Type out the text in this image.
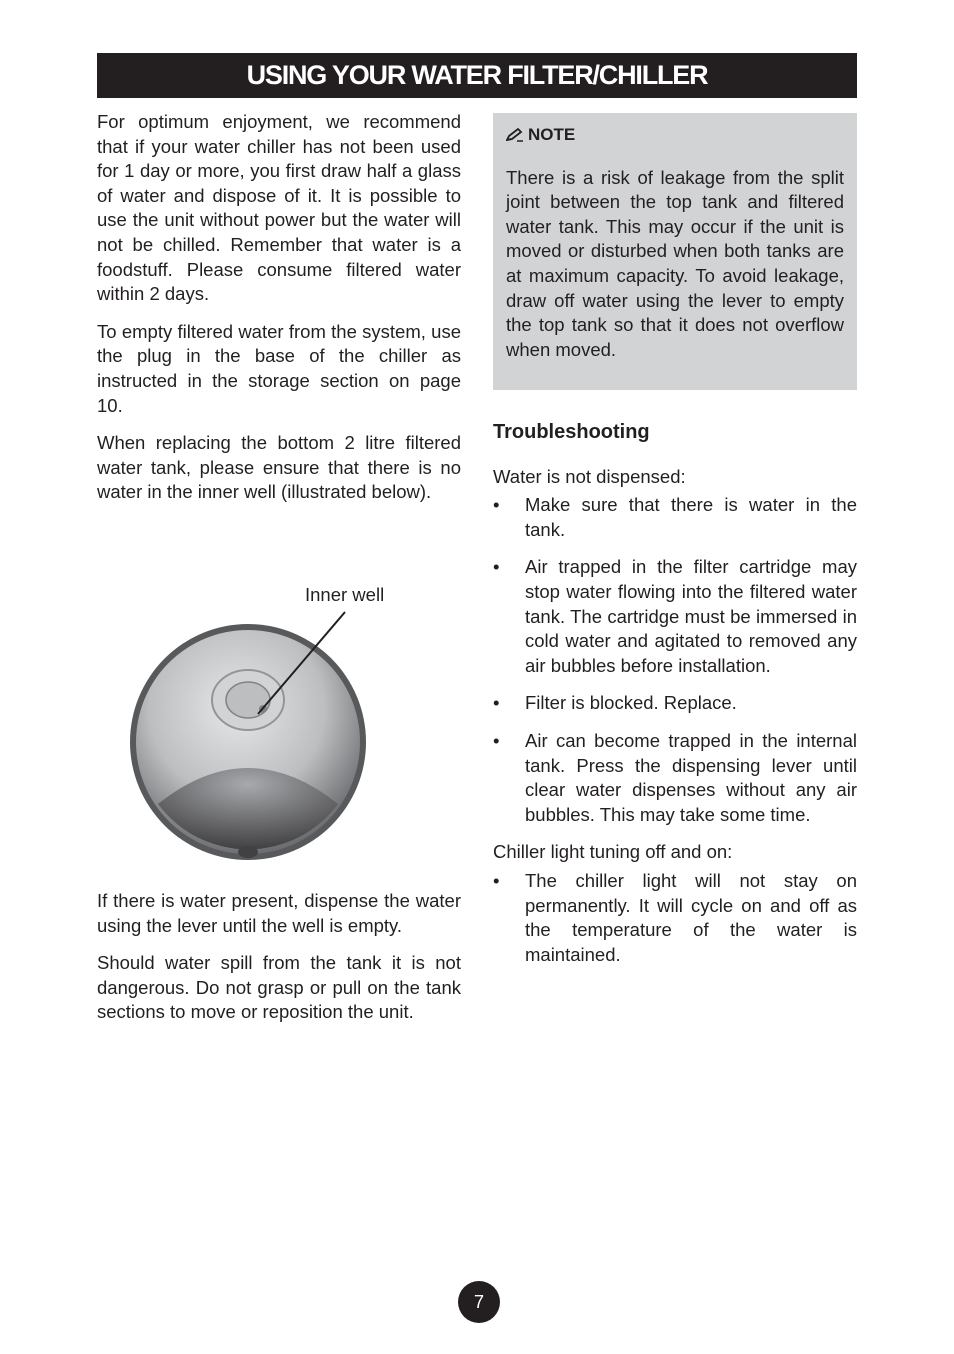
USING YOUR WATER FILTER/CHILLER

For optimum enjoyment, we recommend that if your water chiller has not been used for 1 day or more, you first draw half a glass of water and dispose of it. It is possible to use the unit without power but the water will not be chilled. Remember that water is a foodstuff. Please consume filtered water within 2 days.

To empty filtered water from the system, use the plug in the base of the chiller as instructed in the storage section on page 10.

When replacing the bottom 2 litre filtered water tank, please ensure that there is no water in the inner well (illustrated below).

Inner well

If there is water present, dispense the water using the lever until the well is empty.

Should water spill from the tank it is not dangerous. Do not grasp or pull on the tank sections to move or reposition the unit.

NOTE

There is a risk of leakage from the split joint between the top tank and filtered water tank. This may occur if the unit is moved or disturbed when both tanks are at maximum capacity. To avoid leakage, draw off water using the lever to empty the top tank so that it does not overflow when moved.

Troubleshooting

Water is not dispensed:

• Make sure that there is water in the tank.
• Air trapped in the filter cartridge may stop water flowing into the filtered water tank. The cartridge must be immersed in cold water and agitated to removed any air bubbles before installation.
• Filter is blocked. Replace.
• Air can become trapped in the internal tank. Press the dispensing lever until clear water dispenses without any air bubbles. This may take some time.

Chiller light tuning off and on:

• The chiller light will not stay on permanently. It will cycle on and off as the temperature of the water is maintained.
7
